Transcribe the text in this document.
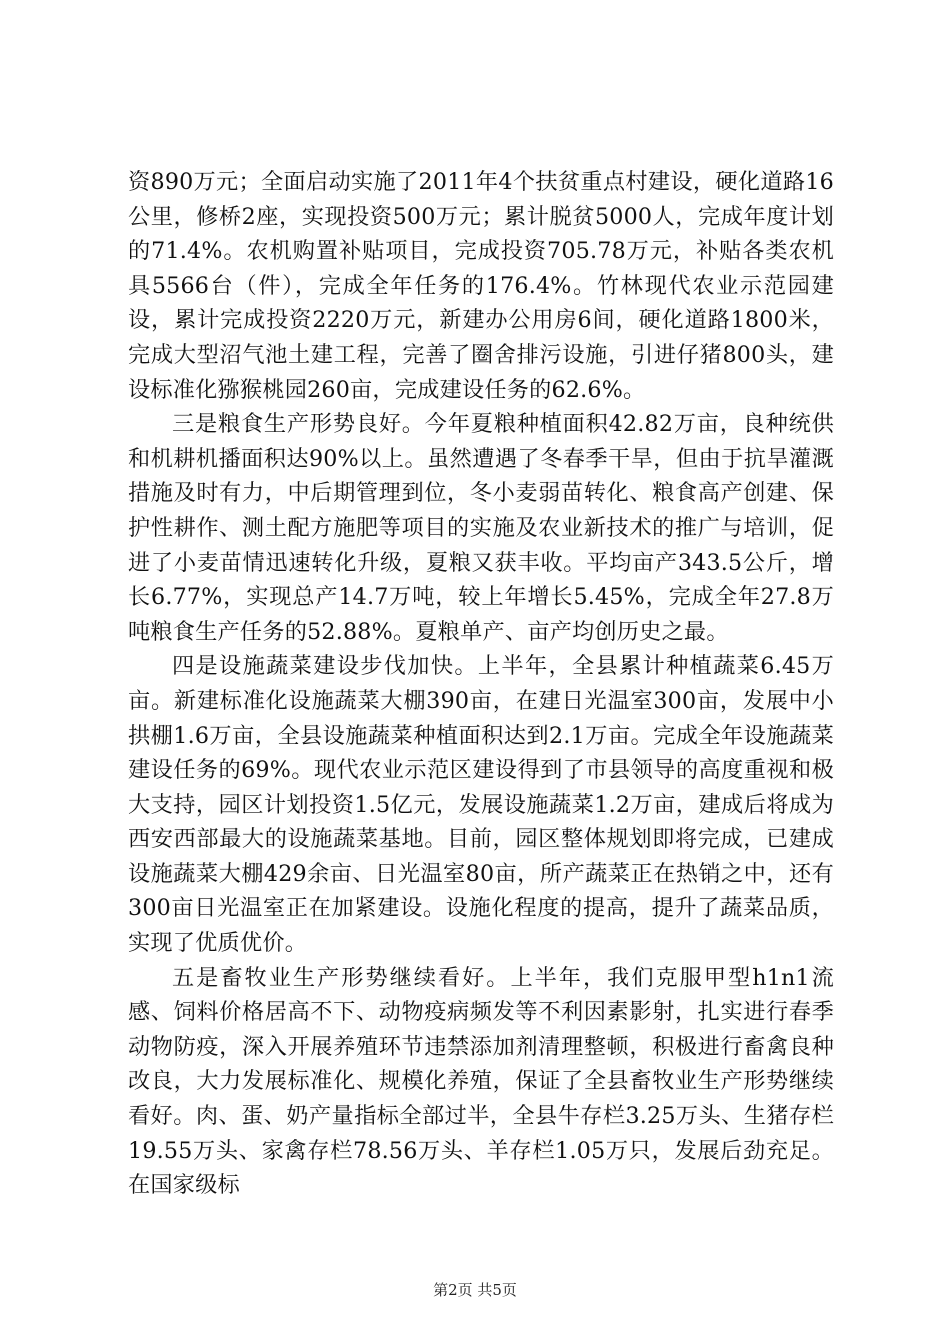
资890万元；全面启动实施了2011年4个扶贫重点村建设，硬化道路16公里，修桥2座，实现投资500万元；累计脱贫5000人，完成年度计划的71.4%。农机购置补贴项目，完成投资705.78万元，补贴各类农机具5566台（件），完成全年任务的176.4%。竹林现代农业示范园建设，累计完成投资2220万元，新建办公用房6间，硬化道路1800米，完成大型沼气池土建工程，完善了圈舍排污设施，引进仔猪800头，建设标准化猕猴桃园260亩，完成建设任务的62.6%。

三是粮食生产形势良好。今年夏粮种植面积42.82万亩，良种统供和机耕机播面积达90%以上。虽然遭遇了冬春季干旱，但由于抗旱灌溉措施及时有力，中后期管理到位，冬小麦弱苗转化、粮食高产创建、保护性耕作、测土配方施肥等项目的实施及农业新技术的推广与培训，促进了小麦苗情迅速转化升级，夏粮又获丰收。平均亩产343.5公斤，增长6.77%，实现总产14.7万吨，较上年增长5.45%，完成全年27.8万吨粮食生产任务的52.88%。夏粮单产、亩产均创历史之最。

四是设施蔬菜建设步伐加快。上半年，全县累计种植蔬菜6.45万亩。新建标准化设施蔬菜大棚390亩，在建日光温室300亩，发展中小拱棚1.6万亩，全县设施蔬菜种植面积达到2.1万亩。完成全年设施蔬菜建设任务的69%。现代农业示范区建设得到了市县领导的高度重视和极大支持，园区计划投资1.5亿元，发展设施蔬菜1.2万亩，建成后将成为西安西部最大的设施蔬菜基地。目前，园区整体规划即将完成，已建成设施蔬菜大棚429余亩、日光温室80亩，所产蔬菜正在热销之中，还有300亩日光温室正在加紧建设。设施化程度的提高，提升了蔬菜品质，实现了优质优价。

五是畜牧业生产形势继续看好。上半年，我们克服甲型h1n1流感、饲料价格居高不下、动物疫病频发等不利因素影射，扎实进行春季动物防疫，深入开展养殖环节违禁添加剂清理整顿，积极进行畜禽良种改良，大力发展标准化、规模化养殖，保证了全县畜牧业生产形势继续看好。肉、蛋、奶产量指标全部过半，全县牛存栏3.25万头、生猪存栏19.55万头、家禽存栏78.56万头、羊存栏1.05万只，发展后劲充足。在国家级标

第2页 共5页
